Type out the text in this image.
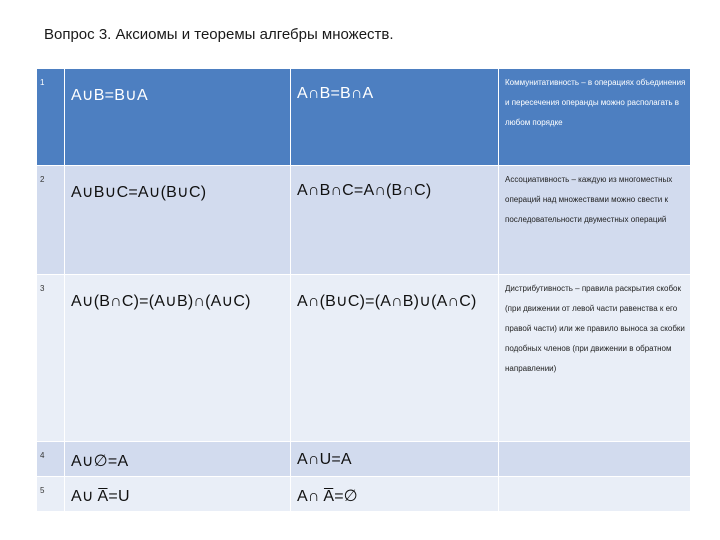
Вопрос 3. Аксиомы и теоремы алгебры множеств.
1	A∪B=B∪A	A∩B=B∩A	Коммунитативность – в операциях объединения и пересечения операнды можно располагать в любом порядке

2	A∪B∪C=A∪(B∪C)	A∩B∩C=A∩(B∩C)	Ассоциативность – каждую из многоместных операций над множествами можно свести к последовательности двуместных операций

3	A∪(B∩C)=(A∪B)∩(A∪C)	A∩(B∪C)=(A∩B)∪(A∩C)	Дистрибутивность – правила раскрытия скобок (при движении от левой части равенства к его правой части) или же правило выноса за скобки подобных членов (при движении в обратном направлении)

4	A∪∅=A	A∩U=A	

5	A∪ A̅=U	A∩ A̅=∅	
